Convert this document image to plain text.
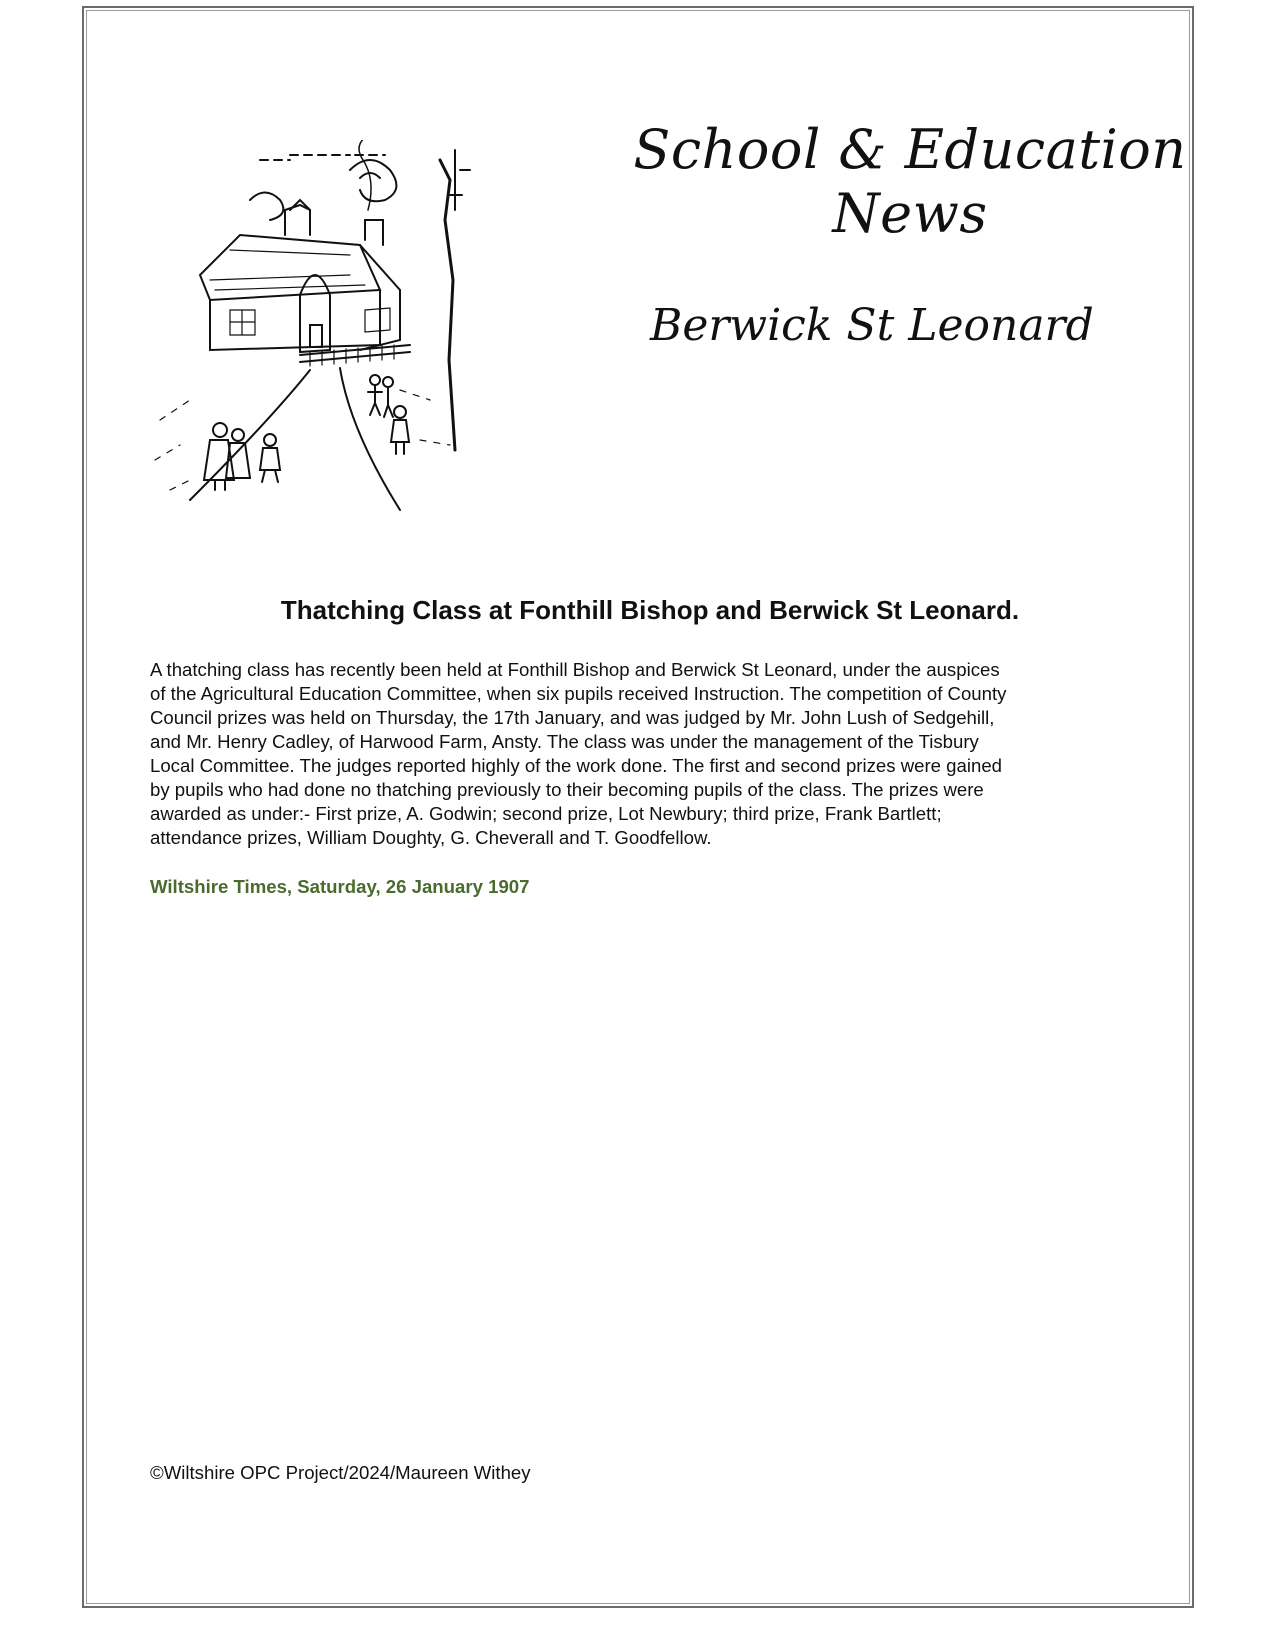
School & Education
News
Berwick St Leonard
Thatching Class at Fonthill Bishop and Berwick St Leonard.

A thatching class has recently been held at Fonthill Bishop and Berwick St Leonard, under the auspices
of the Agricultural Education Committee, when six pupils received Instruction. The competition of County
Council prizes was held on Thursday, the 17th January, and was judged by Mr. John Lush of Sedgehill,
and Mr. Henry Cadley, of Harwood Farm, Ansty. The class was under the management of the Tisbury
Local Committee. The judges reported highly of the work done. The first and second prizes were gained
by pupils who had done no thatching previously to their becoming pupils of the class. The prizes were
awarded as under:- First prize, A. Godwin; second prize, Lot Newbury; third prize, Frank Bartlett;
attendance prizes, William Doughty, G. Cheverall and T. Goodfellow.

Wiltshire Times, Saturday, 26 January 1907
©Wiltshire OPC Project/2024/Maureen Withey
